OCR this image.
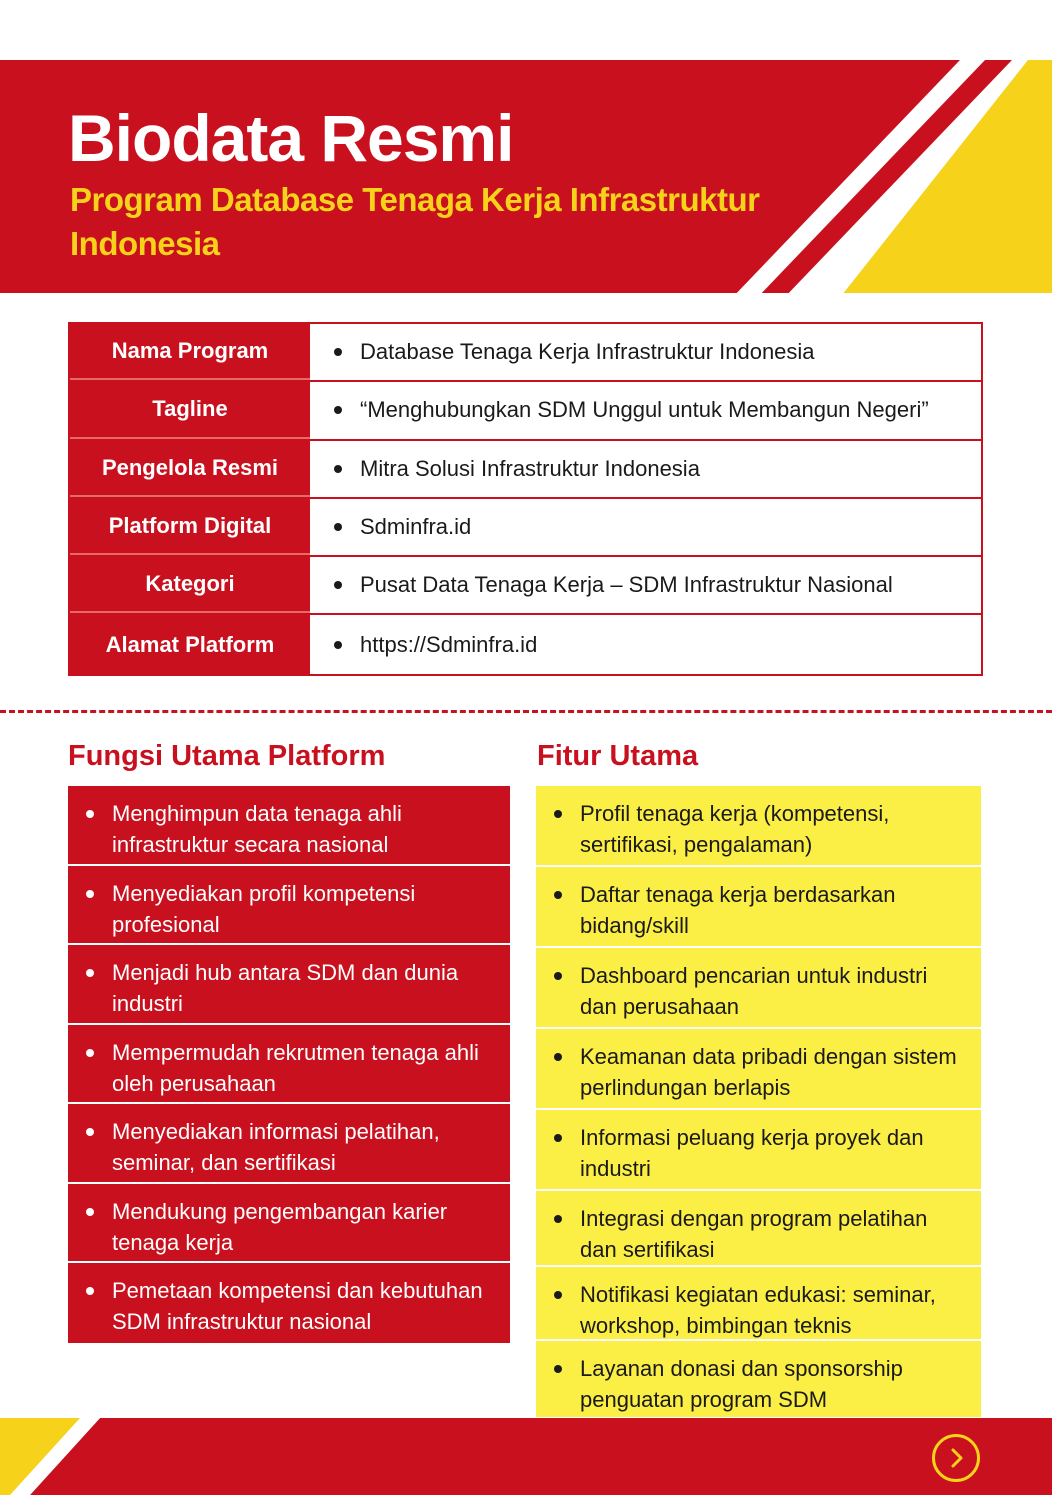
Biodata Resmi
Program Database Tenaga Kerja Infrastruktur Indonesia
Nama Program	Database Tenaga Kerja Infrastruktur Indonesia
Tagline	“Menghubungkan SDM Unggul untuk Membangun Negeri”
Pengelola Resmi	Mitra Solusi Infrastruktur Indonesia
Platform Digital	Sdminfra.id
Kategori	Pusat Data Tenaga Kerja – SDM Infrastruktur Nasional
Alamat Platform	https://Sdminfra.id
Fungsi Utama Platform
Menghimpun data tenaga ahli infrastruktur secara nasional
Menyediakan profil kompetensi profesional
Menjadi hub antara SDM dan dunia industri
Mempermudah rekrutmen tenaga ahli oleh perusahaan
Menyediakan informasi pelatihan, seminar, dan sertifikasi
Mendukung pengembangan karier tenaga kerja
Pemetaan kompetensi dan kebutuhan SDM infrastruktur nasional
Fitur Utama
Profil tenaga kerja (kompetensi, sertifikasi, pengalaman)
Daftar tenaga kerja berdasarkan bidang/skill
Dashboard pencarian untuk industri dan perusahaan
Keamanan data pribadi dengan sistem perlindungan berlapis
Informasi peluang kerja proyek dan industri
Integrasi dengan program pelatihan dan sertifikasi
Notifikasi kegiatan edukasi: seminar, workshop, bimbingan teknis
Layanan donasi dan sponsorship penguatan program SDM
